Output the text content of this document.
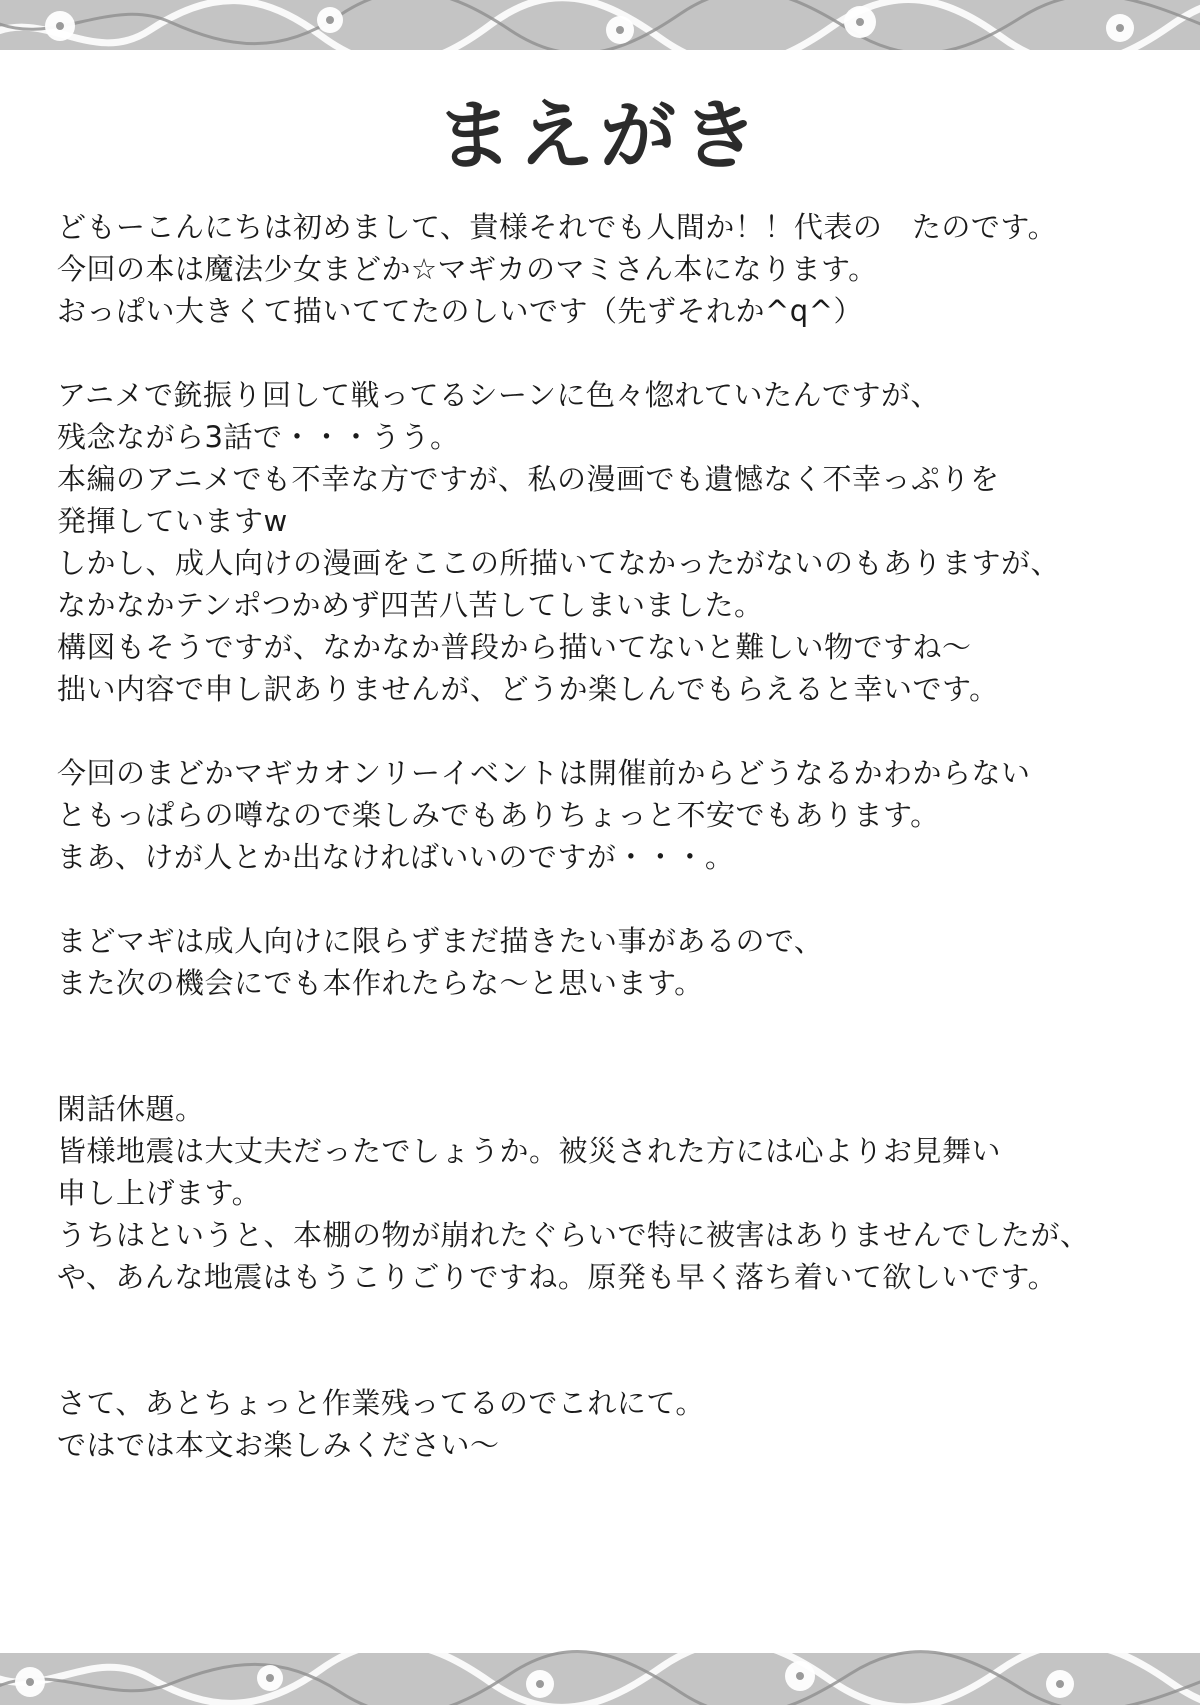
まえがき
どもーこんにちは初めまして、貴様それでも人間か！！代表の　たのです。
今回の本は魔法少女まどか☆マギカのマミさん本になります。
おっぱい大きくて描いててたのしいです（先ずそれか^q^）
アニメで銃振り回して戦ってるシーンに色々惚れていたんですが、
残念ながら3話で・・・うう。
本編のアニメでも不幸な方ですが、私の漫画でも遺憾なく不幸っぷりを
発揮していますw
しかし、成人向けの漫画をここの所描いてなかったがないのもありますが、
なかなかテンポつかめず四苦八苦してしまいました。
構図もそうですが、なかなか普段から描いてないと難しい物ですね〜
拙い内容で申し訳ありませんが、どうか楽しんでもらえると幸いです。
今回のまどかマギカオンリーイベントは開催前からどうなるかわからない
ともっぱらの噂なので楽しみでもありちょっと不安でもあります。
まあ、けが人とか出なければいいのですが・・・。
まどマギは成人向けに限らずまだ描きたい事があるので、
また次の機会にでも本作れたらな〜と思います。
閑話休題。
皆様地震は大丈夫だったでしょうか。被災された方には心よりお見舞い
申し上げます。
うちはというと、本棚の物が崩れたぐらいで特に被害はありませんでしたが、
や、あんな地震はもうこりごりですね。原発も早く落ち着いて欲しいです。
さて、あとちょっと作業残ってるのでこれにて。
ではでは本文お楽しみください〜
